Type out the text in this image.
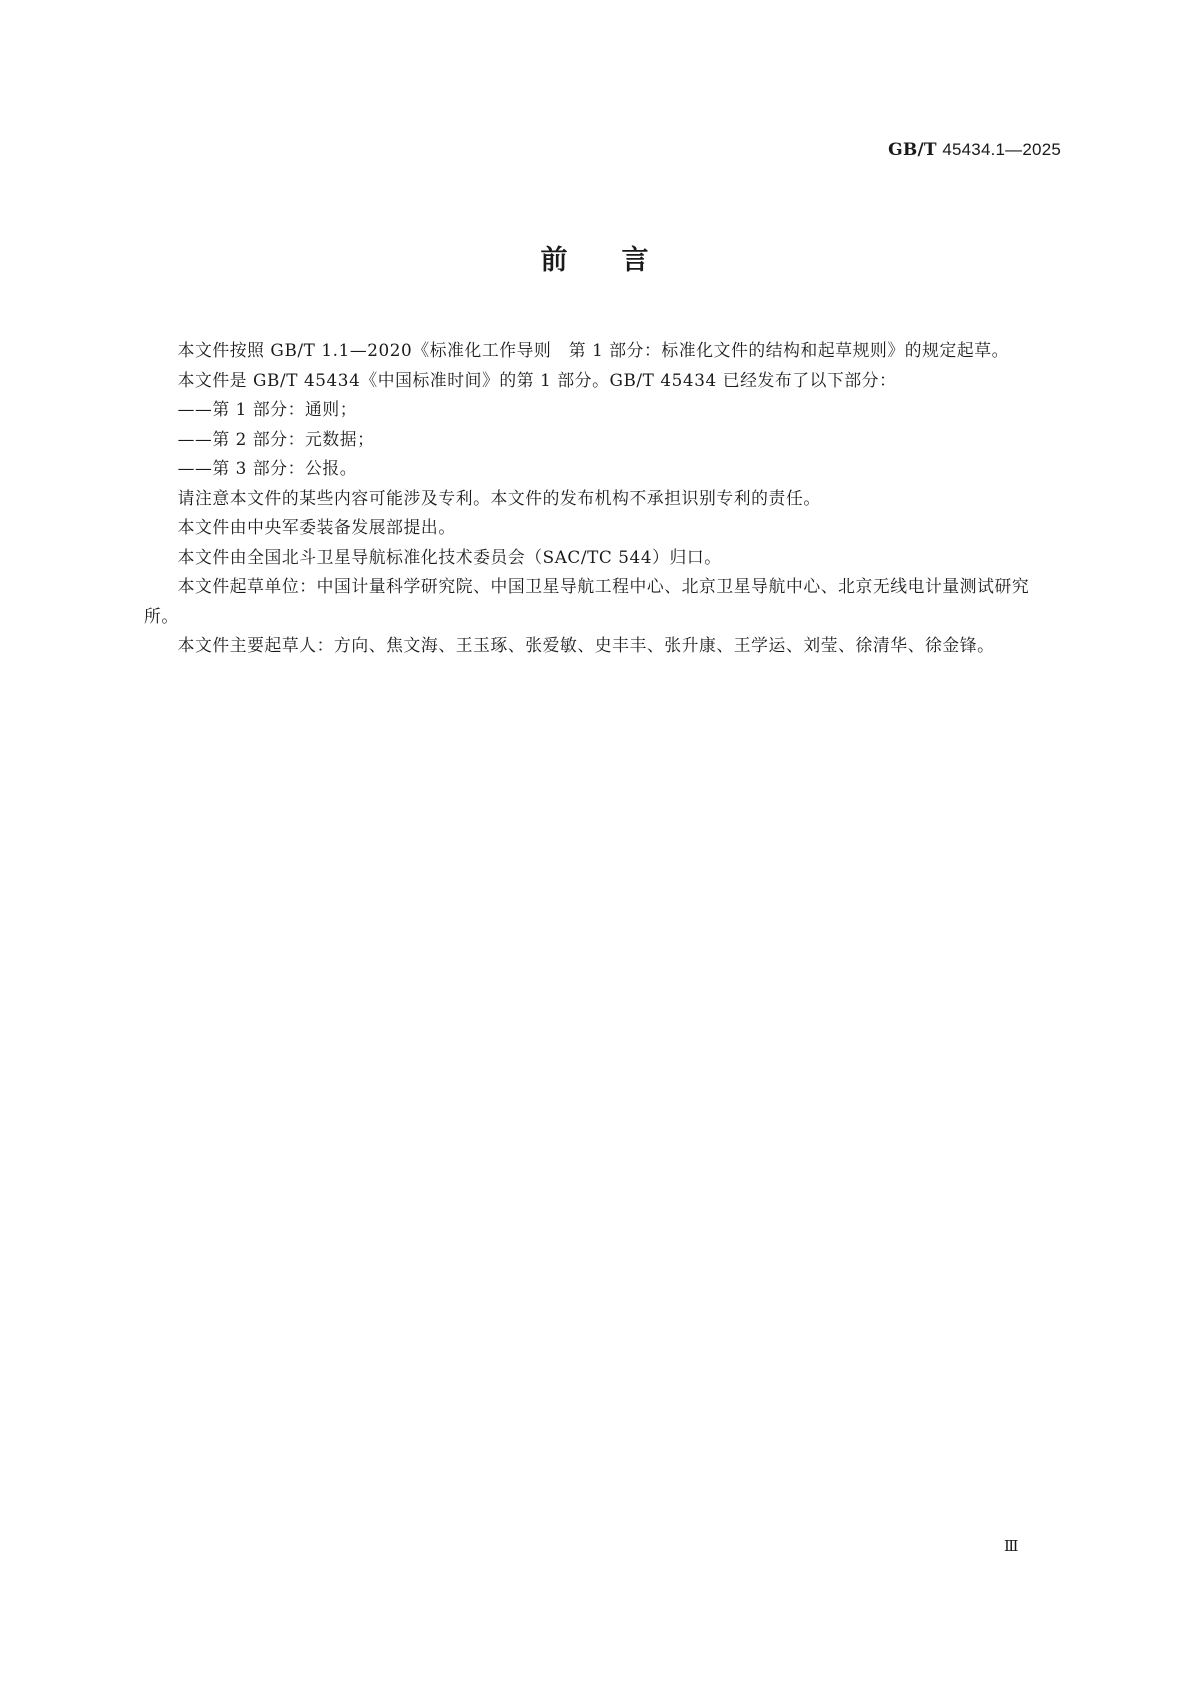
GB/T 45434.1—2025
前 言

本文件按照 GB/T 1.1—2020《标准化工作导则　第 1 部分：标准化文件的结构和起草规则》的规定起草。

本文件是 GB/T 45434《中国标准时间》的第 1 部分。GB/T 45434 已经发布了以下部分：

——第 1 部分：通则；

——第 2 部分：元数据；

——第 3 部分：公报。

请注意本文件的某些内容可能涉及专利。本文件的发布机构不承担识别专利的责任。

本文件由中央军委装备发展部提出。

本文件由全国北斗卫星导航标准化技术委员会（SAC/TC 544）归口。

本文件起草单位：中国计量科学研究院、中国卫星导航工程中心、北京卫星导航中心、北京无线电计量测试研究所。

本文件主要起草人：方向、焦文海、王玉琢、张爱敏、史丰丰、张升康、王学运、刘莹、徐清华、徐金锋。

Ⅲ
